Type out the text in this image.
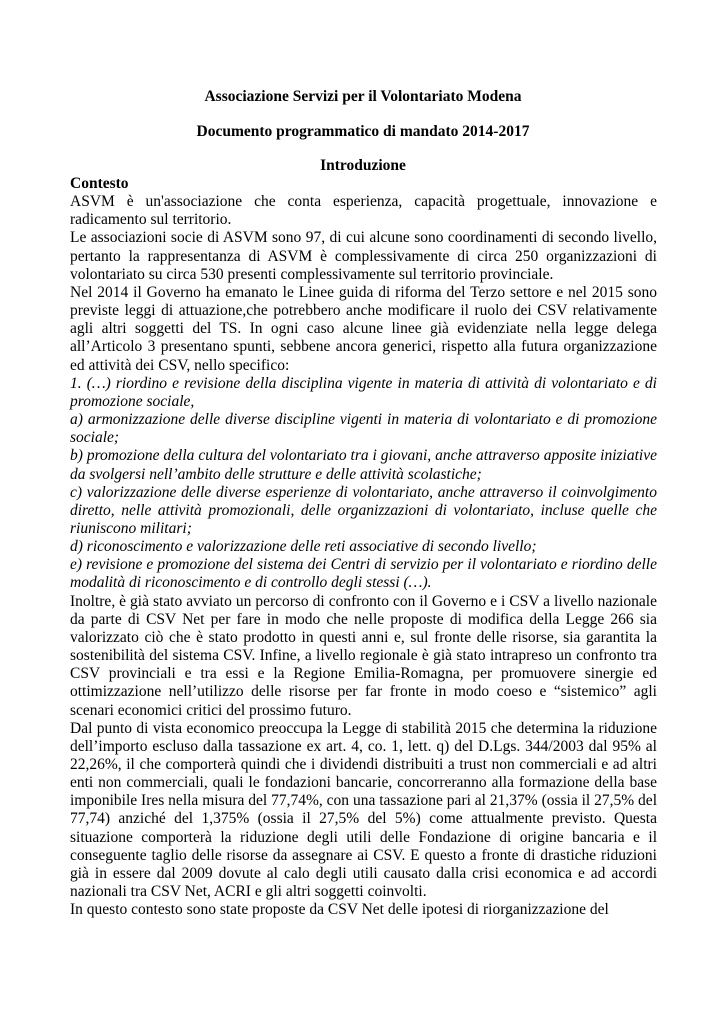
Associazione Servizi per il Volontariato Modena
Documento programmatico di mandato 2014-2017
Introduzione

Contesto

ASVM è un'associazione che conta esperienza, capacità progettuale, innovazione e radicamento sul territorio.

Le associazioni socie di ASVM sono 97, di cui alcune sono coordinamenti di secondo livello, pertanto la rappresentanza di ASVM è complessivamente di circa 250 organizzazioni di volontariato su circa 530 presenti complessivamente sul territorio provinciale.

Nel 2014 il Governo ha emanato le Linee guida di riforma del Terzo settore e nel 2015 sono previste leggi di attuazione,che potrebbero anche modificare il ruolo dei CSV relativamente agli altri soggetti del TS. In ogni caso alcune linee già evidenziate nella legge delega all’Articolo 3 presentano spunti, sebbene ancora generici, rispetto alla futura organizzazione ed attività dei CSV, nello specifico:

1. (…) riordino e revisione della disciplina vigente in materia di attività di volontariato e di promozione sociale,

a) armonizzazione delle diverse discipline vigenti in materia di volontariato e di promozione sociale;

b) promozione della cultura del volontariato tra i giovani, anche attraverso apposite iniziative da svolgersi nell’ambito delle strutture e delle attività scolastiche;

c) valorizzazione delle diverse esperienze di volontariato, anche attraverso il coinvolgimento diretto, nelle attività promozionali, delle organizzazioni di volontariato, incluse quelle che riuniscono militari;

d) riconoscimento e valorizzazione delle reti associative di secondo livello;

e) revisione e promozione del sistema dei Centri di servizio per il volontariato e riordino delle modalità di riconoscimento e di controllo degli stessi (…).

Inoltre, è già stato avviato un percorso di confronto con il Governo e i CSV a livello nazionale da parte di CSV Net per fare in modo che nelle proposte di modifica della Legge 266 sia valorizzato ciò che è stato prodotto in questi anni e, sul fronte delle risorse, sia garantita la sostenibilità del sistema CSV. Infine, a livello regionale è già stato intrapreso un confronto tra CSV provinciali e tra essi e la Regione Emilia-Romagna, per promuovere sinergie ed ottimizzazione nell’utilizzo delle risorse per far fronte in modo coeso e “sistemico” agli scenari economici critici del prossimo futuro.

Dal punto di vista economico preoccupa la Legge di stabilità 2015 che determina la riduzione dell’importo escluso dalla tassazione ex art. 4, co. 1, lett. q) del D.Lgs. 344/2003 dal 95% al 22,26%, il che comporterà quindi che i dividendi distribuiti a trust non commerciali e ad altri enti non commerciali, quali le fondazioni bancarie, concorreranno alla formazione della base imponibile Ires nella misura del 77,74%, con una tassazione pari al 21,37% (ossia il 27,5% del 77,74) anziché del 1,375% (ossia il 27,5% del 5%) come attualmente previsto. Questa situazione comporterà la riduzione degli utili delle Fondazione di origine bancaria e il conseguente taglio delle risorse da assegnare ai CSV. E questo a fronte di drastiche riduzioni già in essere dal 2009 dovute al calo degli utili causato dalla crisi economica e ad accordi nazionali tra CSV Net, ACRI e gli altri soggetti coinvolti.

In questo contesto sono state proposte da CSV Net delle ipotesi di riorganizzazione del
